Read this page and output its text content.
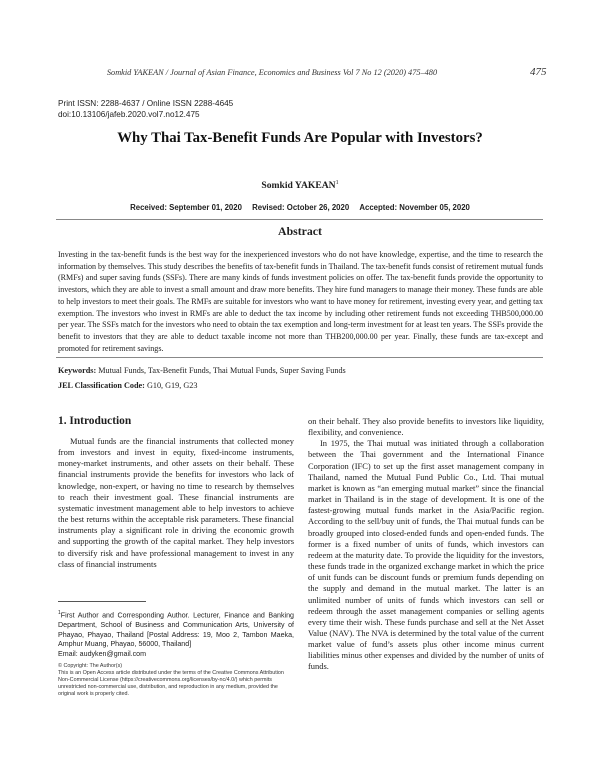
Somkid YAKEAN / Journal of Asian Finance, Economics and Business Vol 7 No 12 (2020) 475–480	475
Print ISSN: 2288-4637 / Online ISSN 2288-4645
doi:10.13106/jafeb.2020.vol7.no12.475
Why Thai Tax-Benefit Funds Are Popular with Investors?
Somkid YAKEAN$^1$
Received: September 01, 2020 Revised: October 26, 2020 Accepted: November 05, 2020
Abstract

Investing in the tax-benefit funds is the best way for the inexperienced investors who do not have knowledge, expertise, and the time to research the information by themselves. This study describes the benefits of tax-benefit funds in Thailand. The tax-benefit funds consist of retirement mutual funds (RMFs) and super saving funds (SSFs). There are many kinds of funds investment policies on offer. The tax-benefit funds provide the opportunity to investors, which they are able to invest a small amount and draw more benefits. They hire fund managers to manage their money. These funds are able to help investors to meet their goals. The RMFs are suitable for investors who want to have money for retirement, investing every year, and getting tax exemption. The investors who invest in RMFs are able to deduct the tax income by including other retirement funds not exceeding THB500,000.00 per year. The SSFs match for the investors who need to obtain the tax exemption and long-term investment for at least ten years. The SSFs provide the benefit to investors that they are able to deduct taxable income not more than THB200,000.00 per year. Finally, these funds are tax-except and promoted for retirement savings.

Keywords: Mutual Funds, Tax-Benefit Funds, Thai Mutual Funds, Super Saving Funds
JEL Classification Code: G10, G19, G23
1. Introduction

Mutual funds are the financial instruments that collected money from investors and invest in equity, fixed-income instruments, money-market instruments, and other assets on their behalf. These financial instruments provide the benefits for investors who lack of knowledge, non-expert, or having no time to research by themselves to reach their investment goal. These financial instruments are systematic investment management able to help investors to achieve the best returns within the acceptable risk parameters. These financial instruments play a significant role in driving the economic growth and supporting the growth of the capital market. They help investors to diversify risk and have professional management to invest in any class of financial instruments

on their behalf. They also provide benefits to investors like liquidity, flexibility, and convenience.

In 1975, the Thai mutual was initiated through a collaboration between the Thai government and the International Finance Corporation (IFC) to set up the first asset management company in Thailand, named the Mutual Fund Public Co., Ltd. Thai mutual market is known as “an emerging mutual market” since the financial market in Thailand is in the stage of development. It is one of the fastest-growing mutual funds market in the Asia/Pacific region. According to the sell/buy unit of funds, the Thai mutual funds can be broadly grouped into closed-ended funds and open-ended funds. The former is a fixed number of units of funds, which investors can redeem at the maturity date. To provide the liquidity for the investors, these funds trade in the organized exchange market in which the price of unit funds can be discount funds or premium funds depending on the supply and demand in the mutual market. The latter is an unlimited number of units of funds which investors can sell or redeem through the asset management companies or selling agents every time their wish. These funds purchase and sell at the Net Asset Value (NAV). The NVA is determined by the total value of the current market value of fund’s assets plus other income minus current liabilities minus other expenses and divided by the number of units of funds.

$^1$First Author and Corresponding Author. Lecturer, Finance and Banking Department, School of Business and Communication Arts, University of Phayao, Phayao, Thailand [Postal Address: 19, Moo 2, Tambon Maeka, Amphur Muang, Phayao, 56000, Thailand]
Email: audyken@gmail.com

© Copyright: The Author(s)
This is an Open Access article distributed under the terms of the Creative Commons Attribution Non-Commercial License (https://creativecommons.org/licenses/by-nc/4.0/) which permits unrestricted non-commercial use, distribution, and reproduction in any medium, provided the original work is properly cited.
